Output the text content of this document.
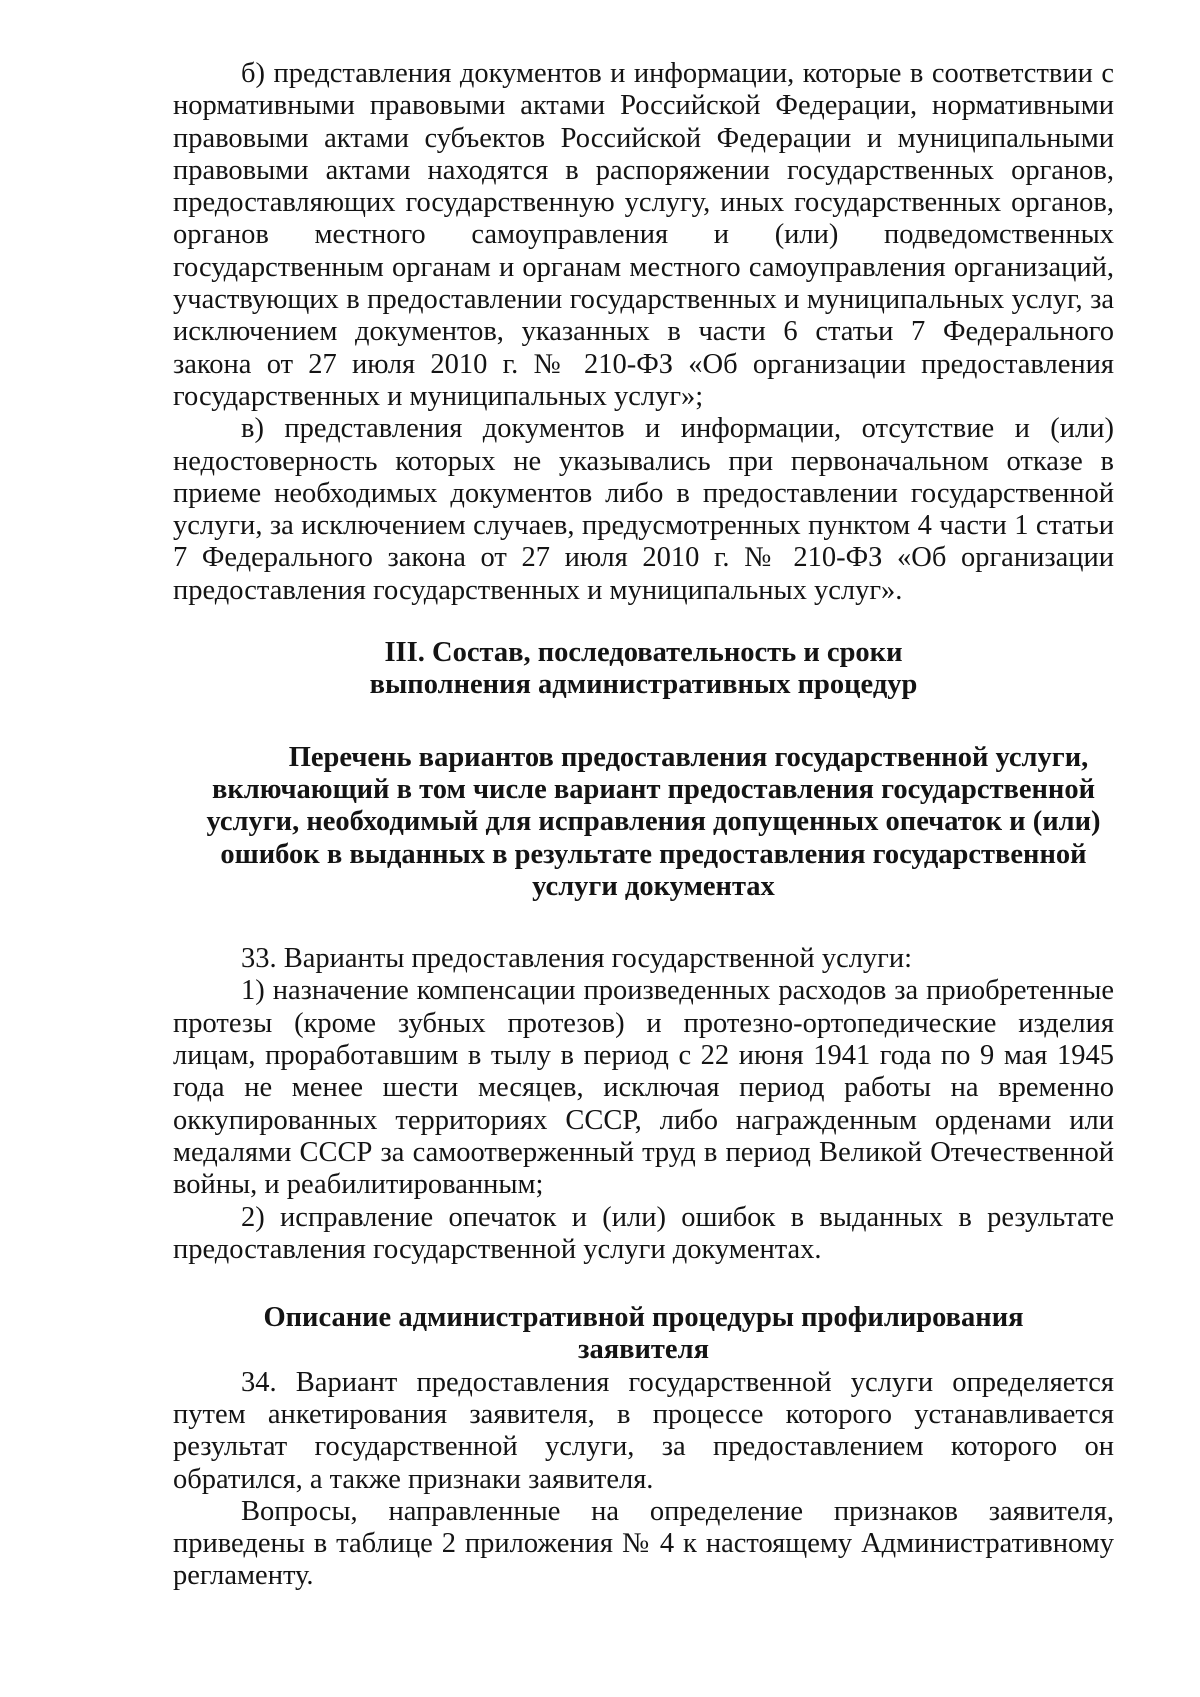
б) представления документов и информации, которые в соответствии с нормативными правовыми актами Российской Федерации, нормативными правовыми актами субъектов Российской Федерации и муниципальными правовыми актами находятся в распоряжении государственных органов, предоставляющих государственную услугу, иных государственных органов, органов местного самоуправления и (или) подведомственных государственным органам и органам местного самоуправления организаций, участвующих в предоставлении государственных и муниципальных услуг, за исключением документов, указанных в части 6 статьи 7 Федерального закона от 27 июля 2010 г. № 210-ФЗ «Об организации предоставления государственных и муниципальных услуг»;

в) представления документов и информации, отсутствие и (или) недостоверность которых не указывались при первоначальном отказе в приеме необходимых документов либо в предоставлении государственной услуги, за исключением случаев, предусмотренных пунктом 4 части 1 статьи 7 Федерального закона от 27 июля 2010 г. № 210-ФЗ «Об организации предоставления государственных и муниципальных услуг».

III. Состав, последовательность и сроки
выполнения административных процедур
Перечень вариантов предоставления государственной услуги,
включающий в том числе вариант предоставления государственной
услуги, необходимый для исправления допущенных опечаток и (или)
ошибок в выданных в результате предоставления государственной
услуги документах

33. Варианты предоставления государственной услуги:

1) назначение компенсации произведенных расходов за приобретенные протезы (кроме зубных протезов) и протезно-ортопедические изделия лицам, проработавшим в тылу в период с 22 июня 1941 года по 9 мая 1945 года не менее шести месяцев, исключая период работы на временно оккупированных территориях СССР, либо награжденным орденами или медалями СССР за самоотверженный труд в период Великой Отечественной войны, и реабилитированным;

2) исправление опечаток и (или) ошибок в выданных в результате предоставления государственной услуги документах.

Описание административной процедуры профилирования
заявителя

34. Вариант предоставления государственной услуги определяется путем анкетирования заявителя, в процессе которого устанавливается результат государственной услуги, за предоставлением которого он обратился, а также признаки заявителя.

Вопросы, направленные на определение признаков заявителя, приведены в таблице 2 приложения № 4 к настоящему Административному регламенту.
